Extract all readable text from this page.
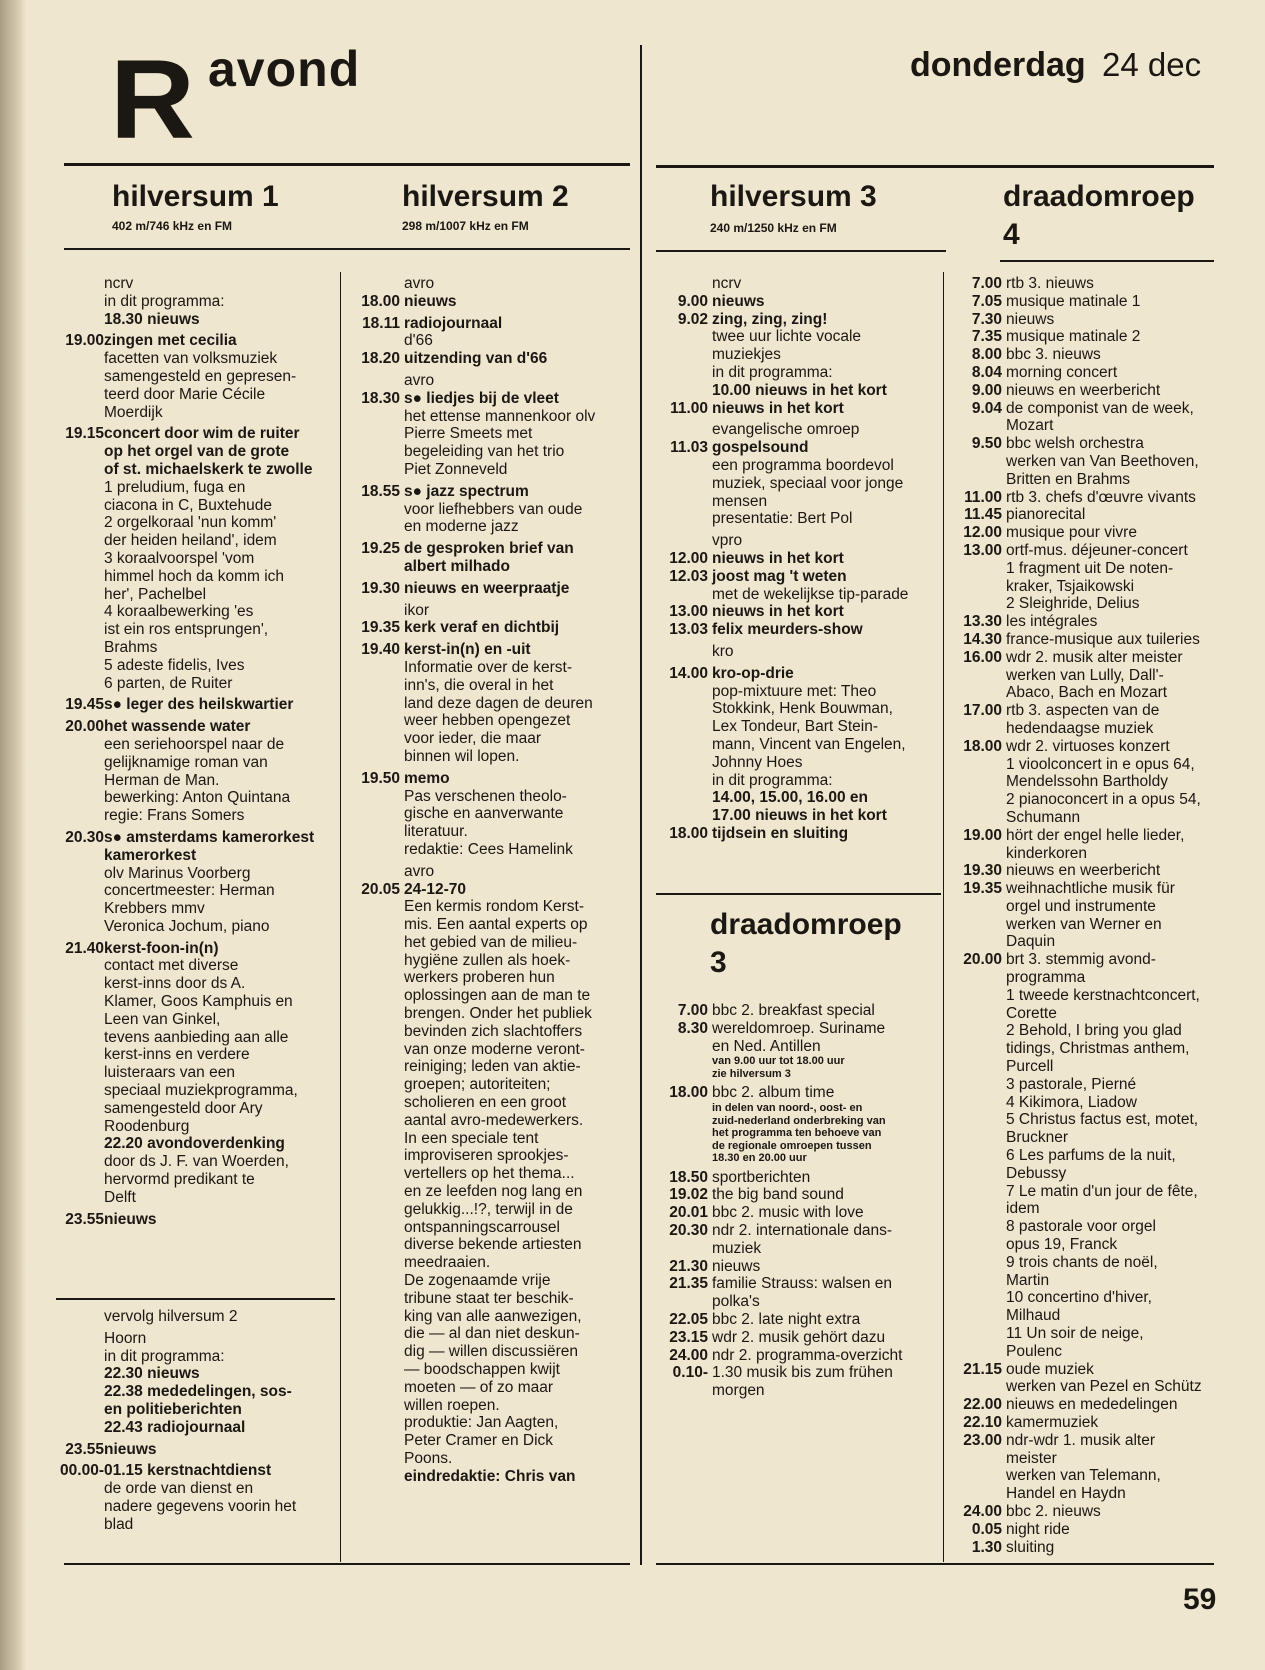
R avond	donderdag 24 dec
hilversum 1
402 m/746 kHz en FM
hilversum 2
298 m/1007 kHz en FM
hilversum 3
240 m/1250 kHz en FM
draadomroep
4
draadomroep
3
ncrv
in dit programma:
18.30 nieuws
19.00 zingen met cecilia
facetten van volksmuziek
samengesteld en gepresen-
teerd door Marie Cécile
Moerdijk
19.15 concert door wim de ruiter
op het orgel van de grote
of st. michaelskerk te zwolle
1 preludium, fuga en
ciacona in C, Buxtehude
2 orgelkoraal 'nun komm'
der heiden heiland', idem
3 koraalvoorspel 'vom
himmel hoch da komm ich
her', Pachelbel
4 koraalbewerking 'es
ist ein ros entsprungen',
Brahms
5 adeste fidelis, Ives
6 parten, de Ruiter
19.45 s● leger des heilskwartier
20.00 het wassende water
een seriehoorspel naar de
gelijknamige roman van
Herman de Man.
bewerking: Anton Quintana
regie: Frans Somers
20.30 s● amsterdams kamerorkest
kamerorkest
olv Marinus Voorberg
concertmeester: Herman
Krebbers mmv
Veronica Jochum, piano
21.40 kerst-foon-in(n)
contact met diverse
kerst-inns door ds A.
Klamer, Goos Kamphuis en
Leen van Ginkel,
tevens aanbieding aan alle
kerst-inns en verdere
luisteraars van een
speciaal muziekprogramma,
samengesteld door Ary
Roodenburg
22.20 avondoverdenking
door ds J. F. van Woerden,
hervormd predikant te
Delft
23.55 nieuws
vervolg hilversum 2
Hoorn
in dit programma:
22.30 nieuws
22.38 mededelingen, sos-
en politieberichten
22.43 radiojournaal
23.55 nieuws
00.00- 01.15 kerstnachtdienst
de orde van dienst en
nadere gegevens voorin het
blad
avro
18.00 nieuws
18.11 radiojournaal
d'66
18.20 uitzending van d'66
avro
18.30 s● liedjes bij de vleet
het ettense mannenkoor olv
Pierre Smeets met
begeleiding van het trio
Piet Zonneveld
18.55 s● jazz spectrum
voor liefhebbers van oude
en moderne jazz
19.25 de gesproken brief van
albert milhado
19.30 nieuws en weerpraatje
ikor
19.35 kerk veraf en dichtbij
19.40 kerst-in(n) en -uit
Informatie over de kerst-
inn's, die overal in het
land deze dagen de deuren
weer hebben opengezet
voor ieder, die maar
binnen wil lopen.
19.50 memo
Pas verschenen theolo-
gische en aanverwante
literatuur.
redaktie: Cees Hamelink
avro
20.05 24-12-70
Een kermis rondom Kerst-
mis. Een aantal experts op
het gebied van de milieu-
hygiëne zullen als hoek-
werkers proberen hun
oplossingen aan de man te
brengen. Onder het publiek
bevinden zich slachtoffers
van onze moderne veront-
reiniging; leden van aktie-
groepen; autoriteiten;
scholieren en een groot
aantal avro-medewerkers.
In een speciale tent
improviseren sprookjes-
vertellers op het thema...
en ze leefden nog lang en
gelukkig...!?, terwijl in de
ontspanningscarrousel
diverse bekende artiesten
meedraaien.
De zogenaamde vrije
tribune staat ter beschik-
king van alle aanwezigen,
die — al dan niet deskun-
dig — willen discussiëren
— boodschappen kwijt
moeten — of zo maar
willen roepen.
produktie: Jan Aagten,
Peter Cramer en Dick
Poons.
eindredaktie: Chris van
ncrv
9.00 nieuws
9.02 zing, zing, zing!
twee uur lichte vocale
muziekjes
in dit programma:
10.00 nieuws in het kort
11.00 nieuws in het kort
evangelische omroep
11.03 gospelsound
een programma boordevol
muziek, speciaal voor jonge
mensen
presentatie: Bert Pol
vpro
12.00 nieuws in het kort
12.03 joost mag 't weten
met de wekelijkse tip-parade
13.00 nieuws in het kort
13.03 felix meurders-show
kro
14.00 kro-op-drie
pop-mixtuure met: Theo
Stokkink, Henk Bouwman,
Lex Tondeur, Bart Stein-
mann, Vincent van Engelen,
Johnny Hoes
in dit programma:
14.00, 15.00, 16.00 en
17.00 nieuws in het kort
18.00 tijdsein en sluiting
7.00 bbc 2. breakfast special
8.30 wereldomroep. Suriname
en Ned. Antillen
van 9.00 uur tot 18.00 uur
zie hilversum 3
18.00 bbc 2. album time
in delen van noord-, oost- en
zuid-nederland onderbreking van
het programma ten behoeve van
de regionale omroepen tussen
18.30 en 20.00 uur
18.50 sportberichten
19.02 the big band sound
20.01 bbc 2. music with love
20.30 ndr 2. internationale dans-
muziek
21.30 nieuws
21.35 familie Strauss: walsen en
polka's
22.05 bbc 2. late night extra
23.15 wdr 2. musik gehört dazu
24.00 ndr 2. programma-overzicht
0.10- 1.30 musik bis zum frühen
morgen
7.00 rtb 3. nieuws
7.05 musique matinale 1
7.30 nieuws
7.35 musique matinale 2
8.00 bbc 3. nieuws
8.04 morning concert
9.00 nieuws en weerbericht
9.04 de componist van de week,
Mozart
9.50 bbc welsh orchestra
werken van Van Beethoven,
Britten en Brahms
11.00 rtb 3. chefs d'œuvre vivants
11.45 pianorecital
12.00 musique pour vivre
13.00 ortf-mus. déjeuner-concert
1 fragment uit De noten-
kraker, Tsjaikowski
2 Sleighride, Delius
13.30 les intégrales
14.30 france-musique aux tuileries
16.00 wdr 2. musik alter meister
werken van Lully, Dall'-
Abaco, Bach en Mozart
17.00 rtb 3. aspecten van de
hedendaagse muziek
18.00 wdr 2. virtuoses konzert
1 vioolconcert in e opus 64,
Mendelssohn Bartholdy
2 pianoconcert in a opus 54,
Schumann
19.00 hört der engel helle lieder,
kinderkoren
19.30 nieuws en weerbericht
19.35 weihnachtliche musik für
orgel und instrumente
werken van Werner en
Daquin
20.00 brt 3. stemmig avond-
programma
1 tweede kerstnachtconcert,
Corette
2 Behold, I bring you glad
tidings, Christmas anthem,
Purcell
3 pastorale, Pierné
4 Kikimora, Liadow
5 Christus factus est, motet,
Bruckner
6 Les parfums de la nuit,
Debussy
7 Le matin d'un jour de fête,
idem
8 pastorale voor orgel
opus 19, Franck
9 trois chants de noël,
Martin
10 concertino d'hiver,
Milhaud
11 Un soir de neige,
Poulenc
21.15 oude muziek
werken van Pezel en Schütz
22.00 nieuws en mededelingen
22.10 kamermuziek
23.00 ndr-wdr 1. musik alter
meister
werken van Telemann,
Handel en Haydn
24.00 bbc 2. nieuws
0.05 night ride
1.30 sluiting
59
